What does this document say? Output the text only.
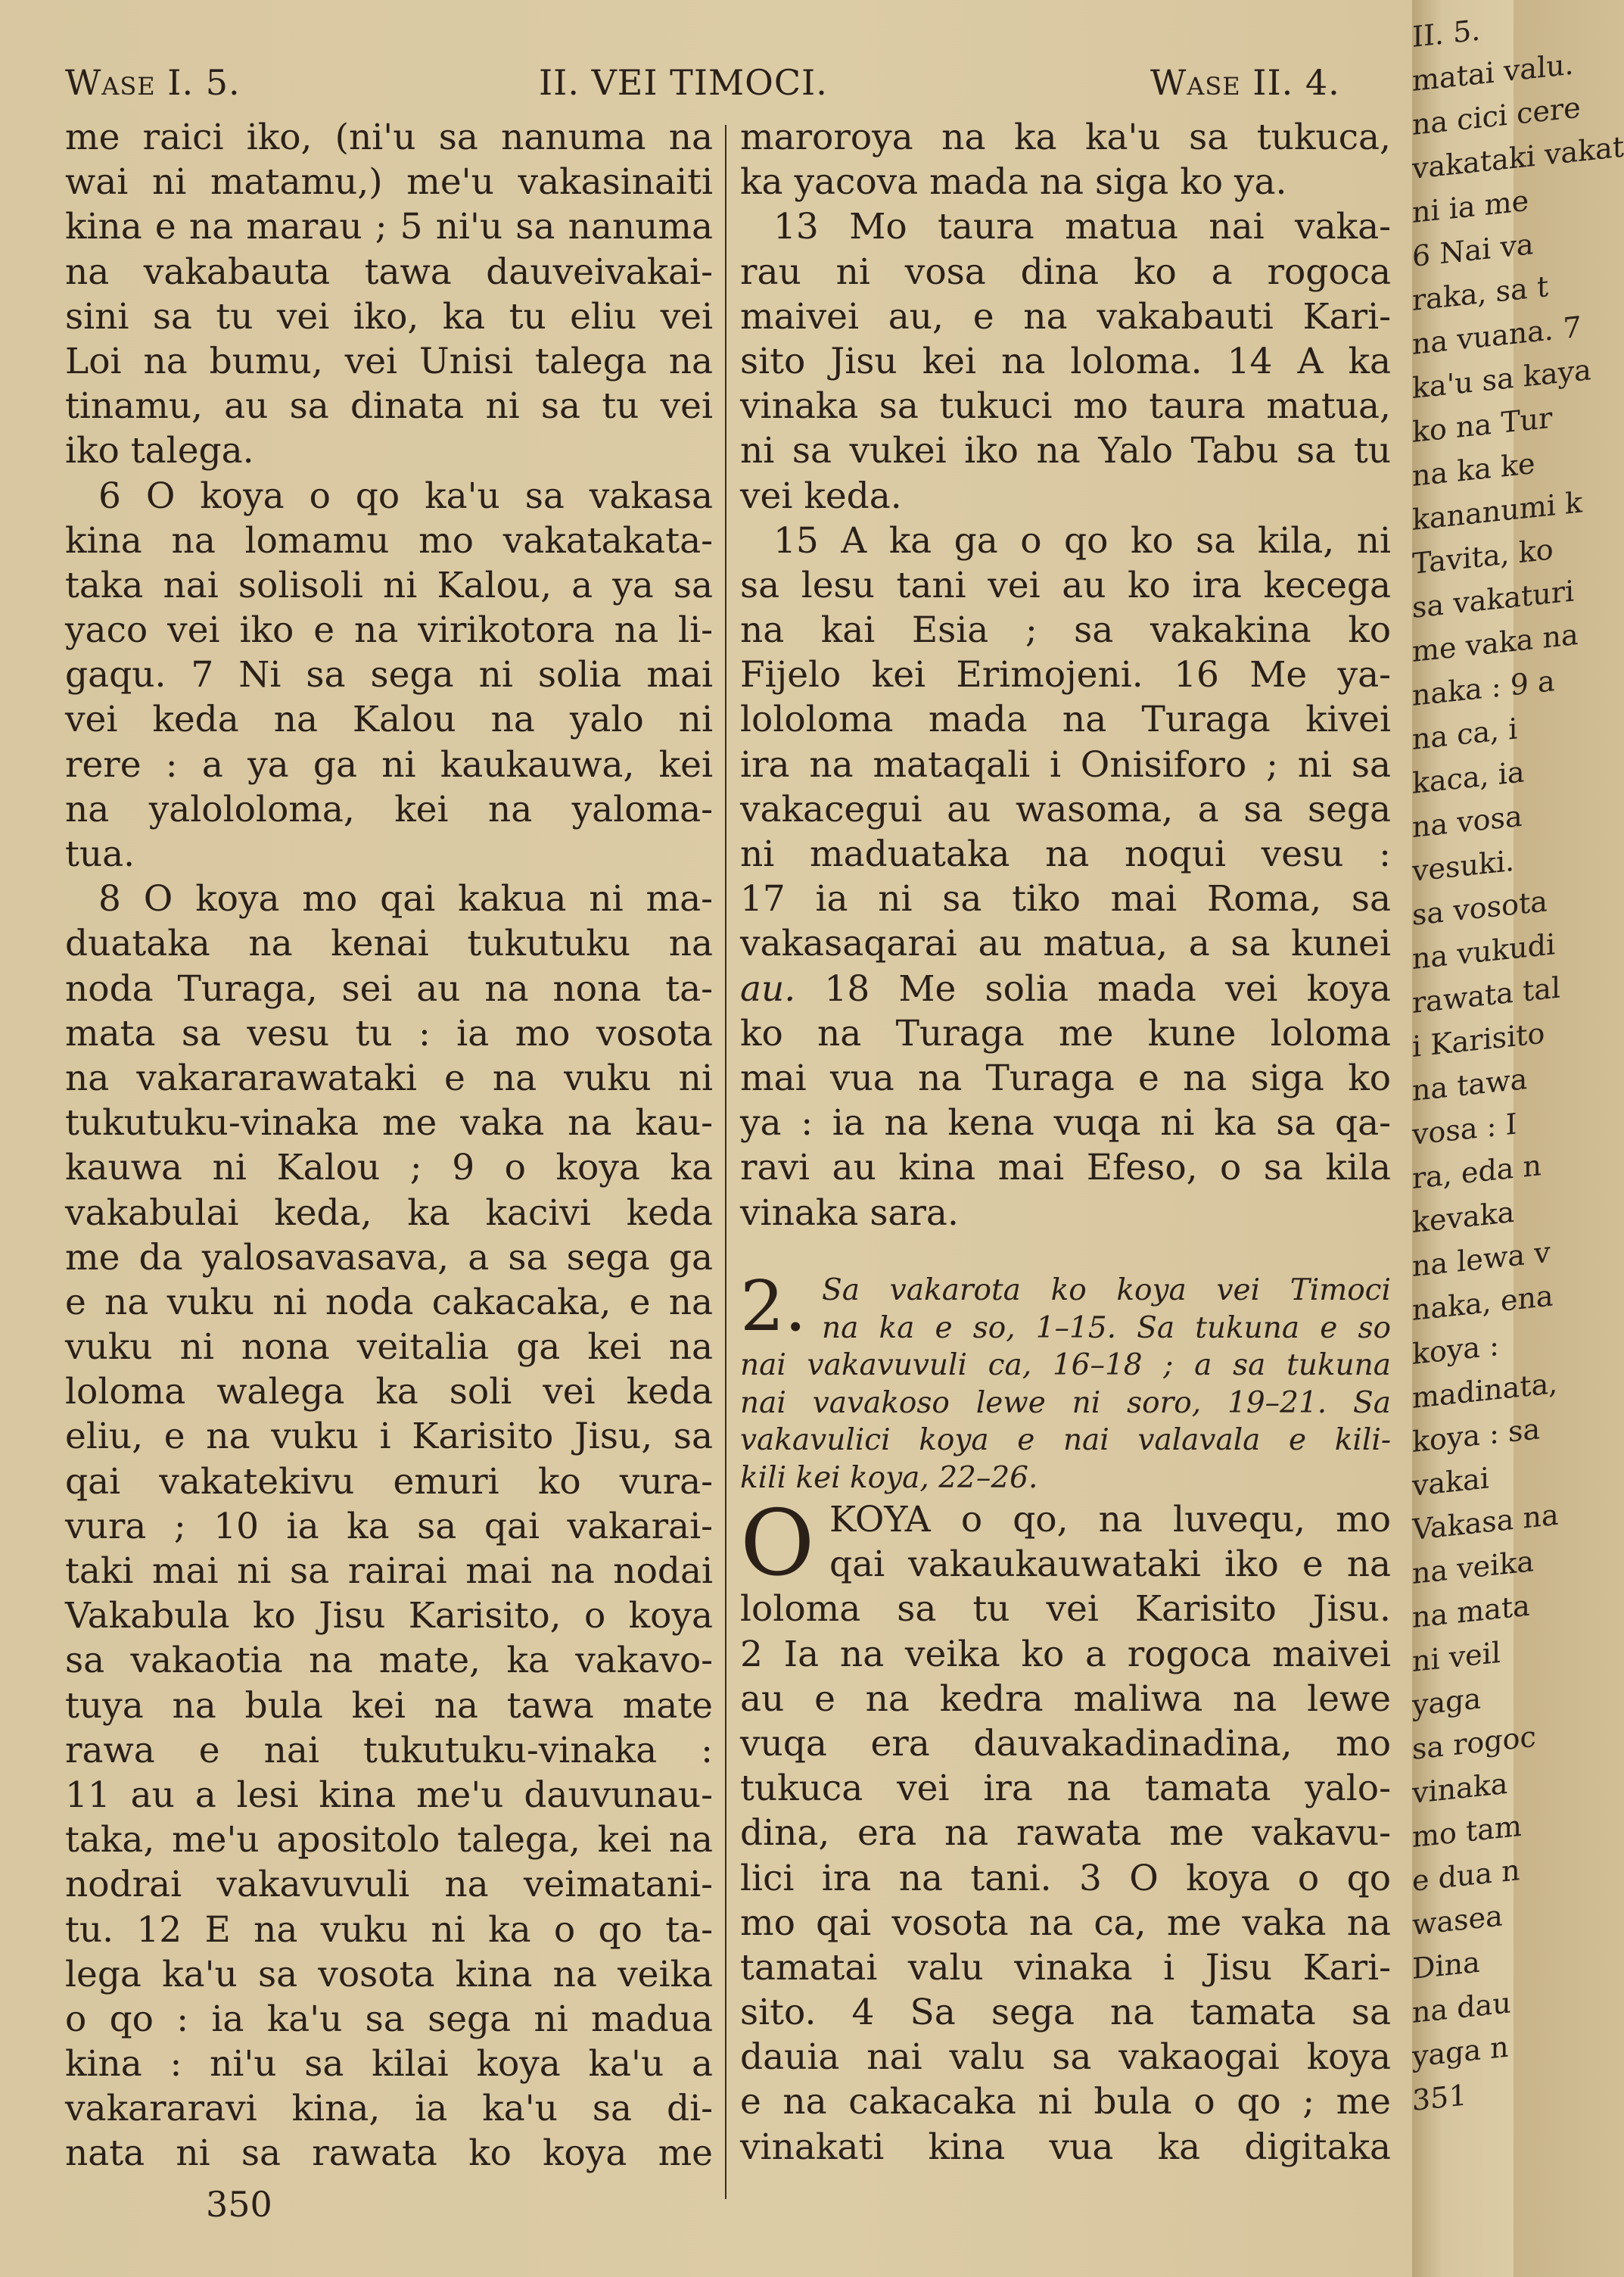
Wase I. 5.	II. VEI TIMOCI.	Wase II. 4.
me raici iko, (ni'u sa nanuma na
wai ni matamu,) me'u vakasinaiti
kina e na marau ; 5 ni'u sa nanuma
na vakabauta tawa dauveivakai-
sini sa tu vei iko, ka tu eliu vei
Loi na bumu, vei Unisi talega na
tinamu, au sa dinata ni sa tu vei
iko talega.
6 O koya o qo ka'u sa vakasa
kina na lomamu mo vakatakata-
taka nai solisoli ni Kalou, a ya sa
yaco vei iko e na virikotora na li-
gaqu. 7 Ni sa sega ni solia mai
vei keda na Kalou na yalo ni
rere : a ya ga ni kaukauwa, kei
na yalololoma, kei na yaloma-
tua.
8 O koya mo qai kakua ni ma-
duataka na kenai tukutuku na
noda Turaga, sei au na nona ta-
mata sa vesu tu : ia mo vosota
na vakararawataki e na vuku ni
tukutuku-vinaka me vaka na kau-
kauwa ni Kalou ; 9 o koya ka
vakabulai keda, ka kacivi keda
me da yalosavasava, a sa sega ga
e na vuku ni noda cakacaka, e na
vuku ni nona veitalia ga kei na
loloma walega ka soli vei keda
eliu, e na vuku i Karisito Jisu, sa
qai vakatekivu emuri ko vura-
vura ; 10 ia ka sa qai vakarai-
taki mai ni sa rairai mai na nodai
Vakabula ko Jisu Karisito, o koya
sa vakaotia na mate, ka vakavo-
tuya na bula kei na tawa mate
rawa e nai tukutuku-vinaka :
11 au a lesi kina me'u dauvunau-
taka, me'u apositolo talega, kei na
nodrai vakavuvuli na veimatani-
tu. 12 E na vuku ni ka o qo ta-
lega ka'u sa vosota kina na veika
o qo : ia ka'u sa sega ni madua
kina : ni'u sa kilai koya ka'u a
vakararavi kina, ia ka'u sa di-
nata ni sa rawata ko koya me
maroroya na ka ka'u sa tukuca,
ka yacova mada na siga ko ya.
13 Mo taura matua nai vaka-
rau ni vosa dina ko a rogoca
maivei au, e na vakabauti Kari-
sito Jisu kei na loloma. 14 A ka
vinaka sa tukuci mo taura matua,
ni sa vukei iko na Yalo Tabu sa tu
vei keda.
15 A ka ga o qo ko sa kila, ni
sa lesu tani vei au ko ira kecega
na kai Esia ; sa vakakina ko
Fijelo kei Erimojeni. 16 Me ya-
lololoma mada na Turaga kivei
ira na mataqali i Onisiforo ; ni sa
vakacegui au wasoma, a sa sega
ni maduataka na noqui vesu :
17 ia ni sa tiko mai Roma, sa
vakasaqarai au matua, a sa kunei
au. 18 Me solia mada vei koya
ko na Turaga me kune loloma
mai vua na Turaga e na siga ko
ya : ia na kena vuqa ni ka sa qa-
ravi au kina mai Efeso, o sa kila
vinaka sara.
2. Sa vakarota ko koya vei Timoci
na ka e so, 1–15. Sa tukuna e so
nai vakavuvuli ca, 16–18 ; a sa tukuna
nai vavakoso lewe ni soro, 19–21. Sa
vakavulici koya e nai valavala e kili-
kili kei koya, 22–26.
O KOYA o qo, na luvequ, mo
qai vakaukauwataki iko e na
loloma sa tu vei Karisito Jisu.
2 Ia na veika ko a rogoca maivei
au e na kedra maliwa na lewe
vuqa era dauvakadinadina, mo
tukuca vei ira na tamata yalo-
dina, era na rawata me vakavu-
lici ira na tani. 3 O koya o qo
mo qai vosota na ca, me vaka na
tamatai valu vinaka i Jisu Kari-
sito. 4 Sa sega na tamata sa
dauia nai valu sa vakaogai koya
e na cakacaka ni bula o qo ; me
vinakati kina vua ka digitaka
350
II. 5.
matai valu.
na cici cere
vakataki vakat
ni ia me
6 Nai va
raka, sa t
na vuana. 7
ka'u sa kaya
ko na Tur
na ka ke
kananumi k
Tavita, ko
sa vakaturi
me vaka na
naka : 9 a
na ca, i
kaca, ia
na vosa
vesuki.
sa vosota
na vukudi
rawata tal
i Karisito
na tawa
vosa : I
ra, eda n
kevaka
na lewa v
naka, ena
koya :
madinata,
koya : sa
vakai
Vakasa na
na veika
na mata
ni veil
yaga
sa rogoc
vinaka
mo tam
e dua n
wasea
Dina
na dau
yaga n
351
